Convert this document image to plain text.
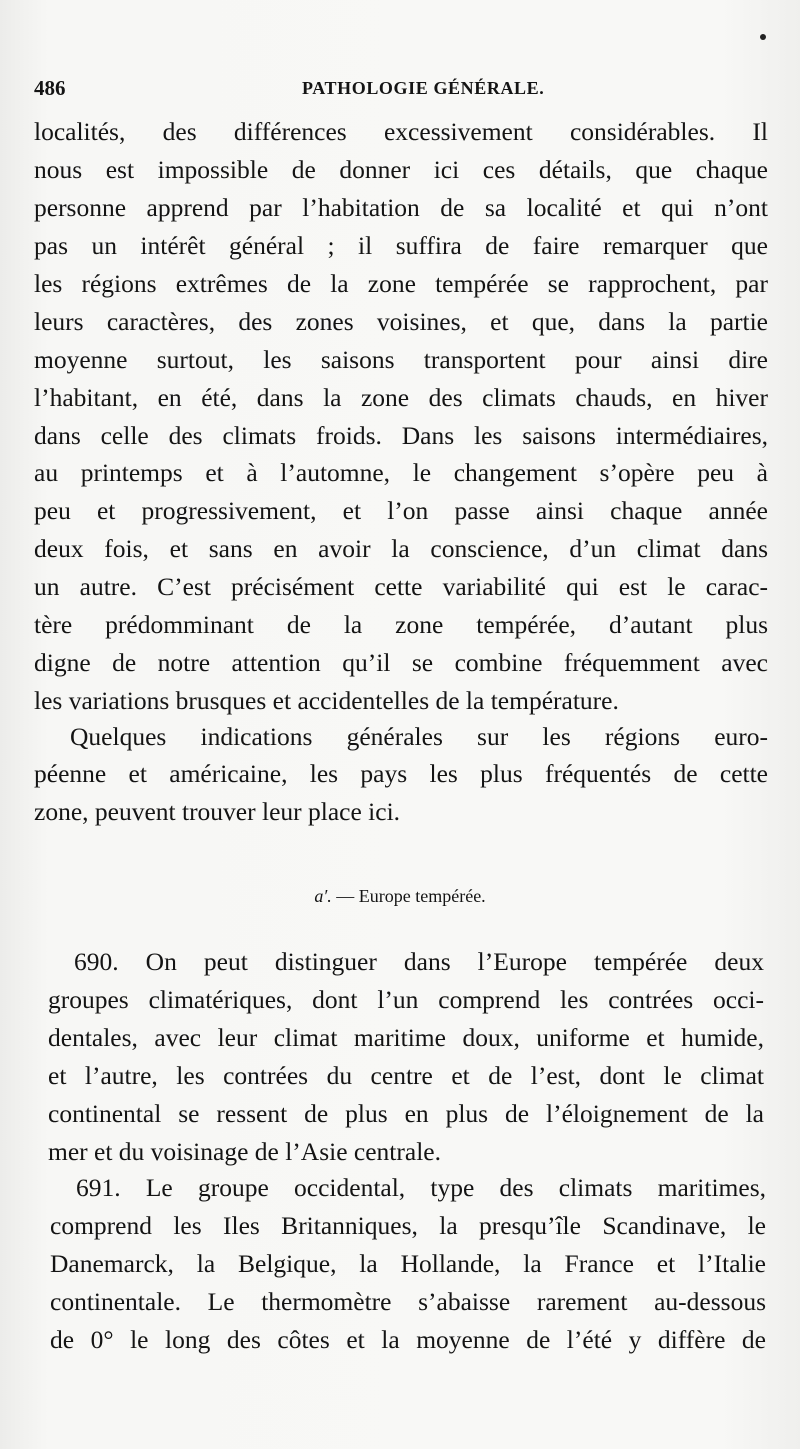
486	PATHOLOGIE GÉNÉRALE.
localités, des différences excessivement considérables. Il
nous est impossible de donner ici ces détails, que chaque
personne apprend par l’habitation de sa localité et qui n’ont
pas un intérêt général ; il suffira de faire remarquer que
les régions extrêmes de la zone tempérée se rapprochent, par
leurs caractères, des zones voisines, et que, dans la partie
moyenne surtout, les saisons transportent pour ainsi dire
l’habitant, en été, dans la zone des climats chauds, en hiver
dans celle des climats froids. Dans les saisons intermédiaires,
au printemps et à l’automne, le changement s’opère peu à
peu et progressivement, et l’on passe ainsi chaque année
deux fois, et sans en avoir la conscience, d’un climat dans
un autre. C’est précisément cette variabilité qui est le carac-
tère prédomminant de la zone tempérée, d’autant plus
digne de notre attention qu’il se combine fréquemment avec
les variations brusques et accidentelles de la température.
Quelques indications générales sur les régions euro-
péenne et américaine, les pays les plus fréquentés de cette
zone, peuvent trouver leur place ici.
a′. — Europe tempérée.
690. On peut distinguer dans l’Europe tempérée deux
groupes climatériques, dont l’un comprend les contrées occi-
dentales, avec leur climat maritime doux, uniforme et humide,
et l’autre, les contrées du centre et de l’est, dont le climat
continental se ressent de plus en plus de l’éloignement de la
mer et du voisinage de l’Asie centrale.
691. Le groupe occidental, type des climats maritimes,
comprend les Iles Britanniques, la presqu’île Scandinave, le
Danemarck, la Belgique, la Hollande, la France et l’Italie
continentale. Le thermomètre s’abaisse rarement au-dessous
de 0° le long des côtes et la moyenne de l’été y diffère de
